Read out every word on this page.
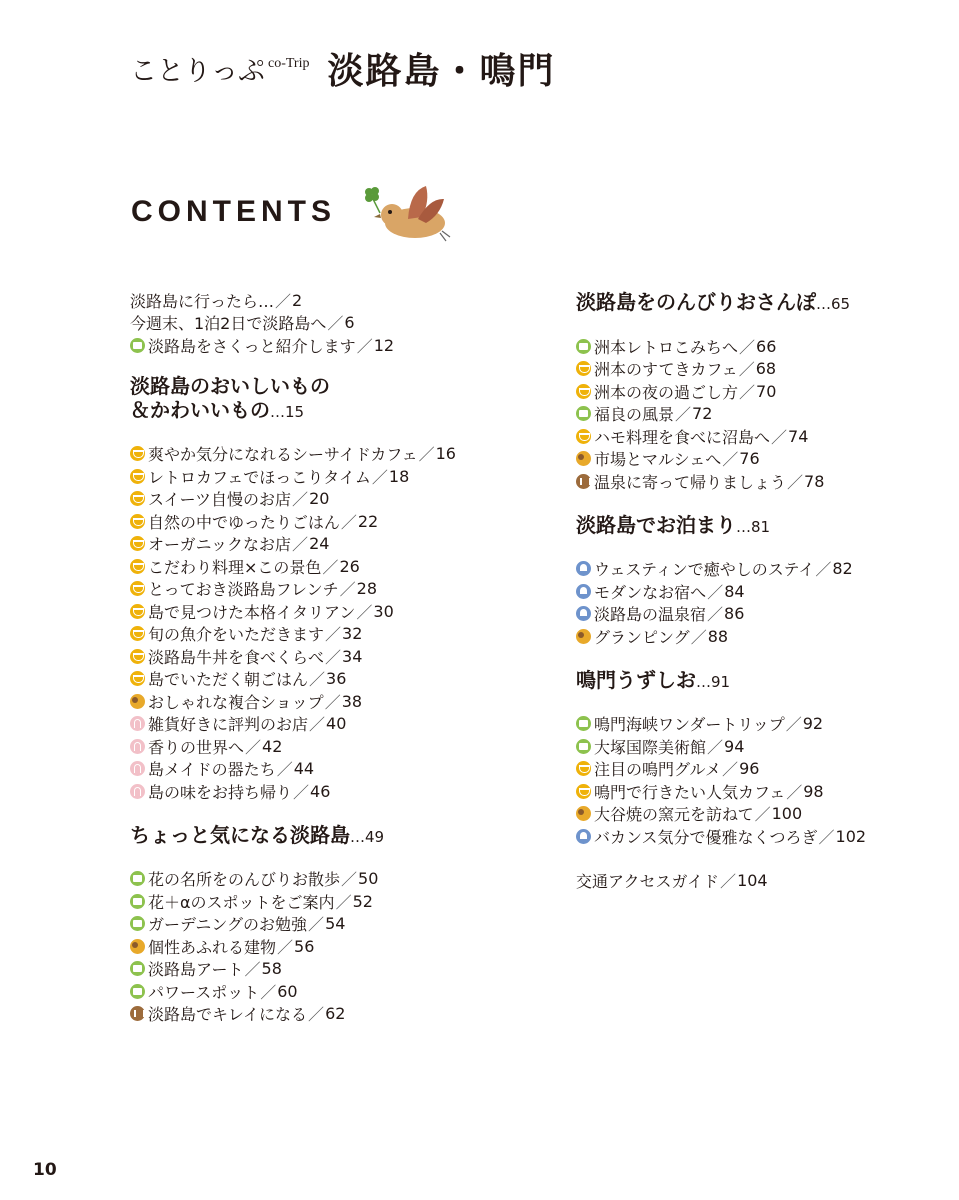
ことりっぷ co-Trip 淡路島・鳴門
CONTENTS
淡路島に行ったら… ／ 2
今週末、1泊2日で淡路島へ ／ 6
淡路島をさくっと紹介します ／ 12
淡路島のおいしいもの
＆かわいいもの…15
爽やか気分になれるシーサイドカフェ ／ 16
レトロカフェでほっこりタイム ／ 18
スイーツ自慢のお店 ／ 20
自然の中でゆったりごはん ／ 22
オーガニックなお店 ／ 24
こだわり料理×この景色 ／ 26
とっておき淡路島フレンチ ／ 28
島で見つけた本格イタリアン ／ 30
旬の魚介をいただきます ／ 32
淡路島牛丼を食べくらべ ／ 34
島でいただく朝ごはん ／ 36
おしゃれな複合ショップ ／ 38
雑貨好きに評判のお店 ／ 40
香りの世界へ ／ 42
島メイドの器たち ／ 44
島の味をお持ち帰り ／ 46
ちょっと気になる淡路島…49
花の名所をのんびりお散歩 ／ 50
花＋αのスポットをご案内 ／ 52
ガーデニングのお勉強 ／ 54
個性あふれる建物 ／ 56
淡路島アート ／ 58
パワースポット ／ 60
淡路島でキレイになる ／ 62
淡路島をのんびりおさんぽ…65
洲本レトロこみちへ ／ 66
洲本のすてきカフェ ／ 68
洲本の夜の過ごし方 ／ 70
福良の風景 ／ 72
ハモ料理を食べに沼島へ ／ 74
市場とマルシェへ ／ 76
温泉に寄って帰りましょう ／ 78
淡路島でお泊まり…81
ウェスティンで癒やしのステイ ／ 82
モダンなお宿へ ／ 84
淡路島の温泉宿 ／ 86
グランピング ／ 88
鳴門うずしお…91
鳴門海峡ワンダートリップ ／ 92
大塚国際美術館 ／ 94
注目の鳴門グルメ ／ 96
鳴門で行きたい人気カフェ ／ 98
大谷焼の窯元を訪ねて ／ 100
バカンス気分で優雅なくつろぎ ／ 102
交通アクセスガイド ／ 104
10
